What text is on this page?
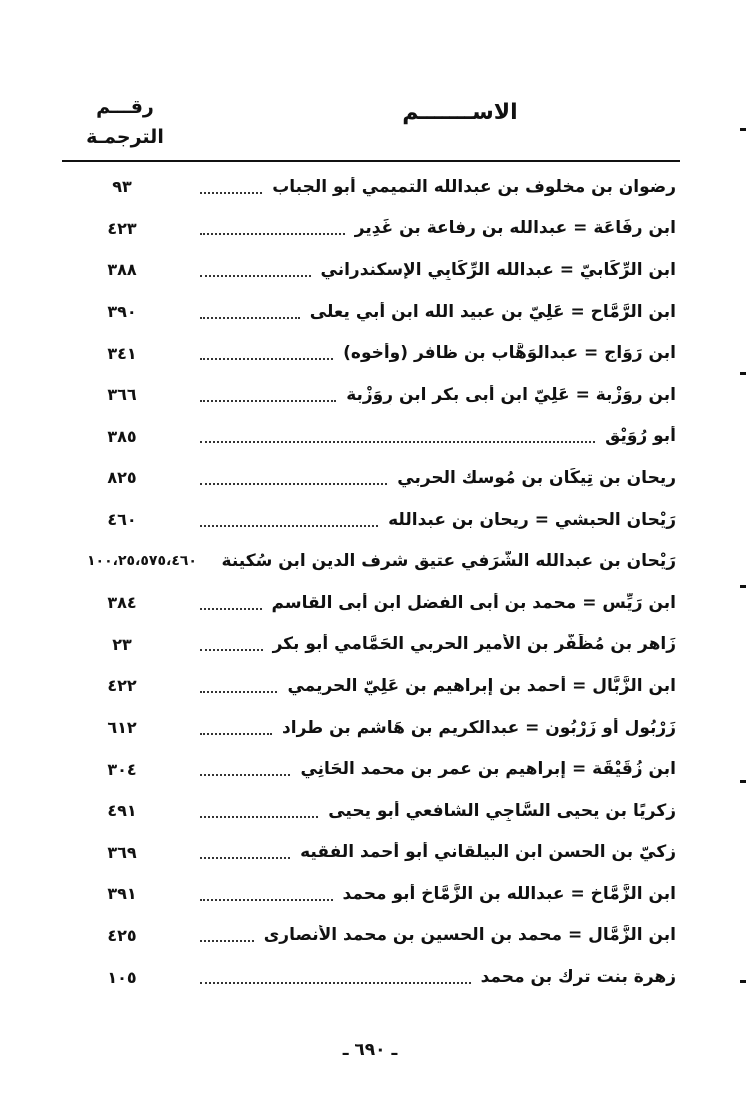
الاســـــــم
رقـــم
الترجمـة
٩٣	رضوان بن مخلوف بن عبدالله التميمي أبو الجباب
٤٢٣	ابن رِفَاعَة = عبدالله بن رفاعة بن غَدِير
٣٨٨	ابن الرِّكَابيّ = عبدالله الرِّكَابِي الإسكندراني
٣٩٠	ابن الرَّمَّاح = عَلِيّ بن عبيد الله ابن أبي يعلى
٣٤١	ابن رَوَاج = عبدالوَهَّاب بن ظافر (وأخوه)
٣٦٦	ابن رِوَزْبة = عَلِيّ ابن أبى بكر ابن رِوَزْبة
٣٨٥	أبو رُوَيْق
٨٢٥	ريحان بن تِيكَان بن مُوسك الحربي
٤٦٠	رَيْحان الحبشي = ريحان بن عبدالله
١٠٠،٢٥،٥٧٥،٤٦٠	رَيْحان بن عبدالله الشَّرَفي عتيق شرف الدين ابن سُكينة
٣٨٤	ابن رَيِّس = محمد بن أبى الفضل ابن أبى القاسم
٢٣	زَاهر بن مُظَفَّر بن الأمير الحربي الحَمَّامي أبو بكر
٤٢٢	ابن الزَّبَّال = أحمد بن إبراهيم بن عَلِيّ الحريمي
٦١٢	زَرْبُول أو زَرْبُون = عبدالكريم بن هَاشم بن طراد
٣٠٤	ابن زُقَيْقَة = إبراهيم بن عمر بن محمد الحَانِي
٤٩١	زكريًا بن يحيى السَّاجِي الشافعي أبو يحيى
٣٦٩	زكيّ بن الحسن ابن البيلقاني أبو أحمد الفقيه
٣٩١	ابن الزَّمَّاخ = عبدالله بن الزَّمَّاخ أبو محمد
٤٢٥	ابن الزَّمَّال = محمد بن الحسين بن محمد الأنصارى
١٠٥	زهرة بنت ترك بن محمد
ـ ٦٩٠ ـ
